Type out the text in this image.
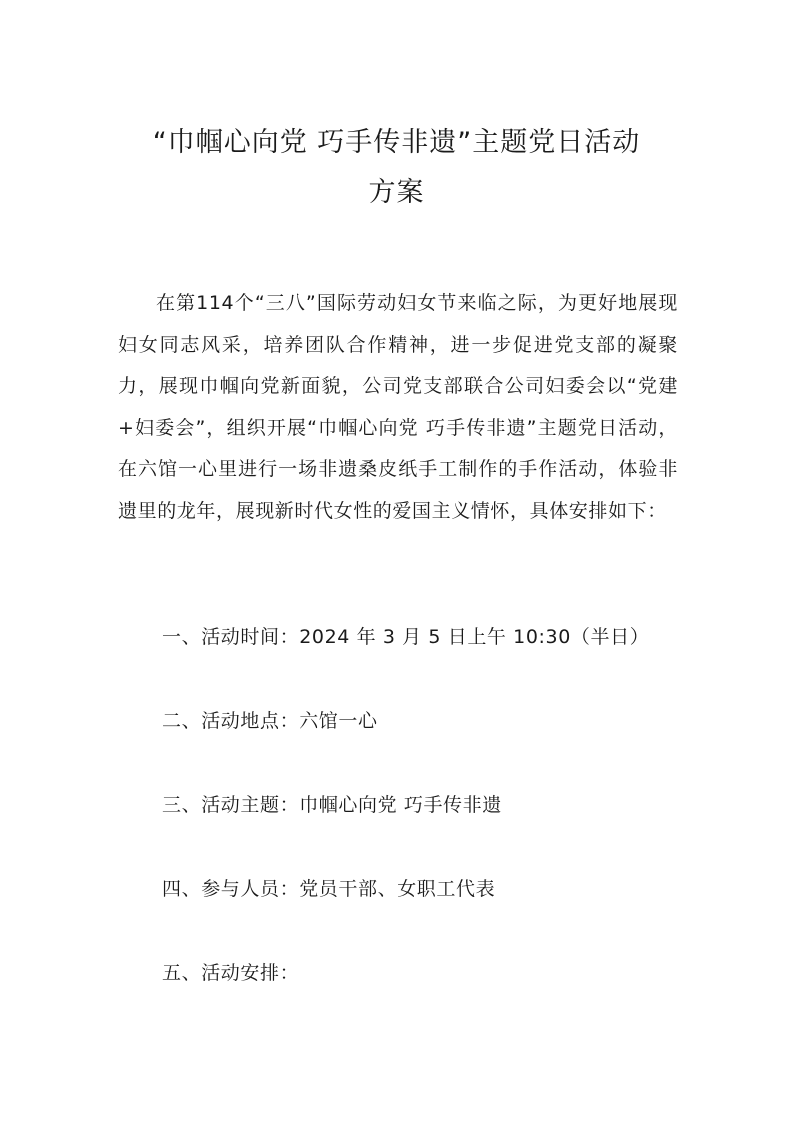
“巾帼心向党 巧手传非遗”主题党日活动
方案

在第114个“三八”国际劳动妇女节来临之际，为更好地展现妇女同志风采，培养团队合作精神，进一步促进党支部的凝聚力，展现巾帼向党新面貌，公司党支部联合公司妇委会以“党建+妇委会”，组织开展“巾帼心向党 巧手传非遗”主题党日活动，在六馆一心里进行一场非遗桑皮纸手工制作的手作活动，体验非遗里的龙年，展现新时代女性的爱国主义情怀，具体安排如下：

一、活动时间：2024 年 3 月 5 日上午 10:30（半日）

二、活动地点：六馆一心

三、活动主题：巾帼心向党 巧手传非遗

四、参与人员：党员干部、女职工代表

五、活动安排：
